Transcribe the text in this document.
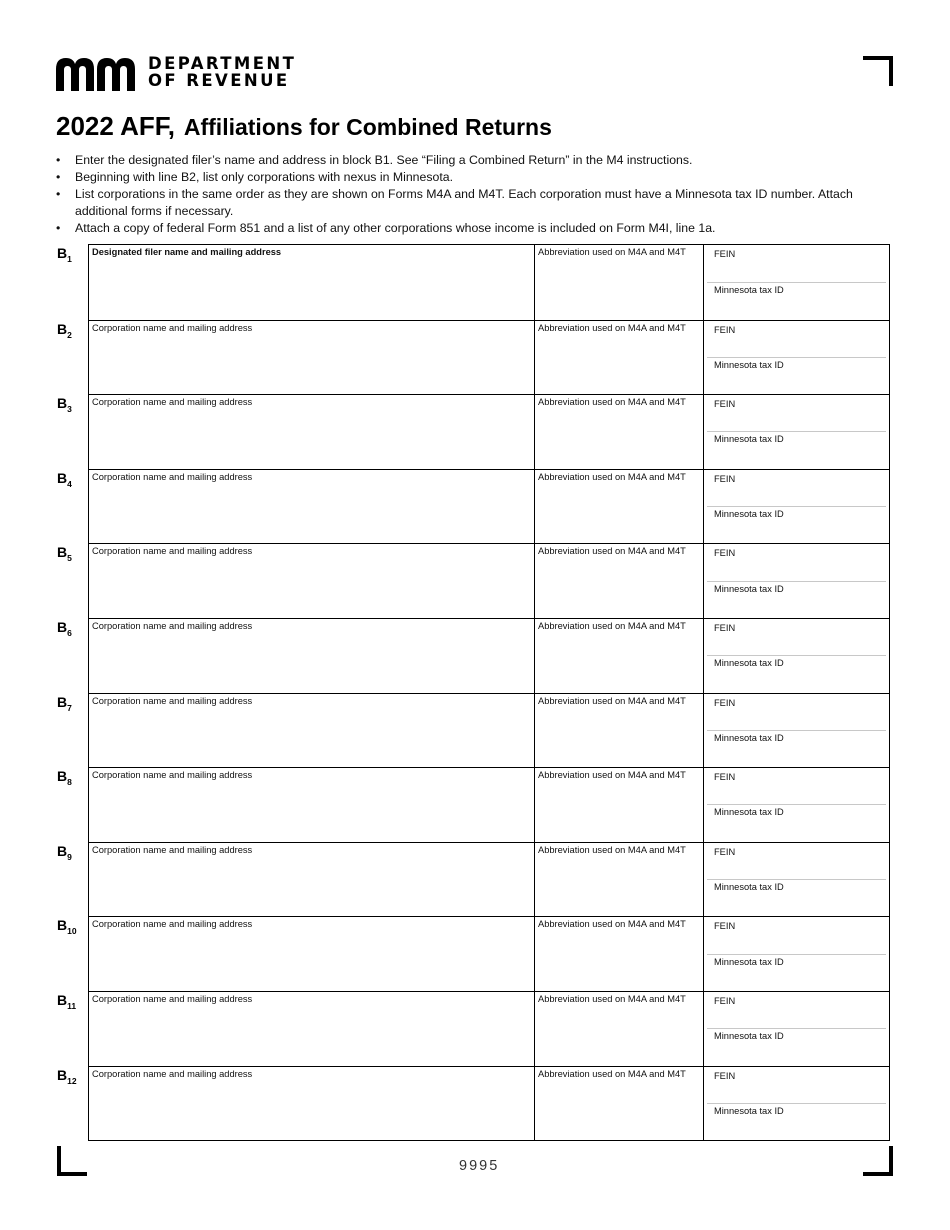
DEPARTMENT
OF REVENUE
2022 AFF, Affiliations for Combined Returns
• Enter the designated filer’s name and address in block B1. See “Filing a Combined Return” in the M4 instructions.
• Beginning with line B2, list only corporations with nexus in Minnesota.
• List corporations in the same order as they are shown on Forms M4A and M4T. Each corporation must have a Minnesota tax ID number. Attach additional forms if necessary.
• Attach a copy of federal Form 851 and a list of any other corporations whose income is included on Form M4I, line 1a.
$B_1$
Designated filer name and mailing address	Abbreviation used on M4A and M4T	FEIN
Minnesota tax ID
$B_2$
Corporation name and mailing address	Abbreviation used on M4A and M4T	FEIN
Minnesota tax ID
$B_3$
Corporation name and mailing address	Abbreviation used on M4A and M4T	FEIN
Minnesota tax ID
$B_4$
Corporation name and mailing address	Abbreviation used on M4A and M4T	FEIN
Minnesota tax ID
$B_5$
Corporation name and mailing address	Abbreviation used on M4A and M4T	FEIN
Minnesota tax ID
$B_6$
Corporation name and mailing address	Abbreviation used on M4A and M4T	FEIN
Minnesota tax ID
$B_7$
Corporation name and mailing address	Abbreviation used on M4A and M4T	FEIN
Minnesota tax ID
$B_8$
Corporation name and mailing address	Abbreviation used on M4A and M4T	FEIN
Minnesota tax ID
$B_9$
Corporation name and mailing address	Abbreviation used on M4A and M4T	FEIN
Minnesota tax ID
$B_{10}$
Corporation name and mailing address	Abbreviation used on M4A and M4T	FEIN
Minnesota tax ID
$B_{11}$
Corporation name and mailing address	Abbreviation used on M4A and M4T	FEIN
Minnesota tax ID
$B_{12}$
Corporation name and mailing address	Abbreviation used on M4A and M4T	FEIN
Minnesota tax ID
9995
